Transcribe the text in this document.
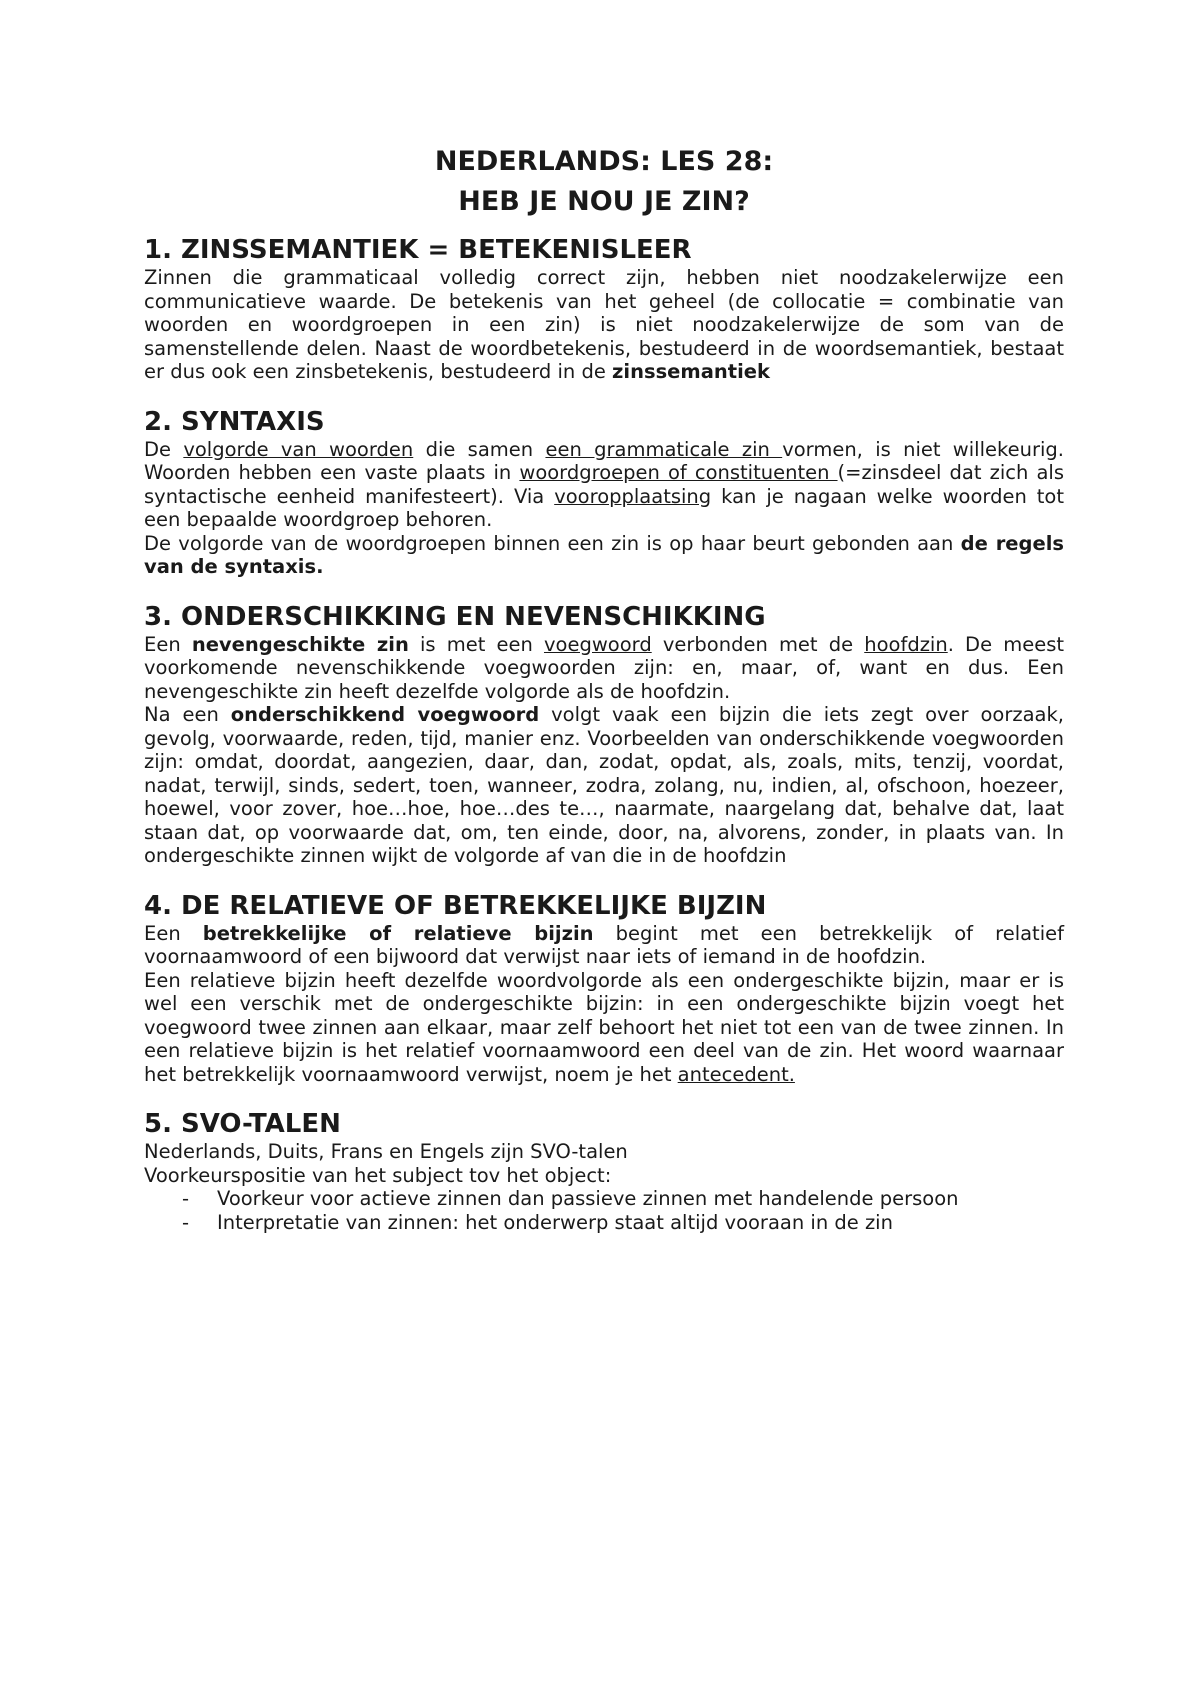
NEDERLANDS: LES 28:
HEB JE NOU JE ZIN?
1. ZINSSEMANTIEK = BETEKENISLEER

Zinnen die grammaticaal volledig correct zijn, hebben niet noodzakelerwijze een communicatieve waarde. De betekenis van het geheel (de collocatie = combinatie van woorden en woordgroepen in een zin) is niet noodzakelerwijze de som van de samenstellende delen. Naast de woordbetekenis, bestudeerd in de woordsemantiek, bestaat er dus ook een zinsbetekenis, bestudeerd in de zinssemantiek

2. SYNTAXIS

De volgorde van woorden die samen een grammaticale zin vormen, is niet willekeurig. Woorden hebben een vaste plaats in woordgroepen of constituenten (=zinsdeel dat zich als syntactische eenheid manifesteert). Via vooropplaatsing kan je nagaan welke woorden tot een bepaalde woordgroep behoren.

De volgorde van de woordgroepen binnen een zin is op haar beurt gebonden aan de regels van de syntaxis.

3. ONDERSCHIKKING EN NEVENSCHIKKING

Een nevengeschikte zin is met een voegwoord verbonden met de hoofdzin. De meest voorkomende nevenschikkende voegwoorden zijn: en, maar, of, want en dus. Een nevengeschikte zin heeft dezelfde volgorde als de hoofdzin.

Na een onderschikkend voegwoord volgt vaak een bijzin die iets zegt over oorzaak, gevolg, voorwaarde, reden, tijd, manier enz. Voorbeelden van onderschikkende voegwoorden zijn: omdat, doordat, aangezien, daar, dan, zodat, opdat, als, zoals, mits, tenzij, voordat, nadat, terwijl, sinds, sedert, toen, wanneer, zodra, zolang, nu, indien, al, ofschoon, hoezeer, hoewel, voor zover, hoe…hoe, hoe…des te…, naarmate, naargelang dat, behalve dat, laat staan dat, op voorwaarde dat, om, ten einde, door, na, alvorens, zonder, in plaats van. In ondergeschikte zinnen wijkt de volgorde af van die in de hoofdzin

4. DE RELATIEVE OF BETREKKELIJKE BIJZIN

Een betrekkelijke of relatieve bijzin begint met een betrekkelijk of relatief voornaamwoord of een bijwoord dat verwijst naar iets of iemand in de hoofdzin.

Een relatieve bijzin heeft dezelfde woordvolgorde als een ondergeschikte bijzin, maar er is wel een verschik met de ondergeschikte bijzin: in een ondergeschikte bijzin voegt het voegwoord twee zinnen aan elkaar, maar zelf behoort het niet tot een van de twee zinnen. In een relatieve bijzin is het relatief voornaamwoord een deel van de zin. Het woord waarnaar het betrekkelijk voornaamwoord verwijst, noem je het antecedent.

5. SVO-TALEN

Nederlands, Duits, Frans en Engels zijn SVO-talen

Voorkeurspositie van het subject tov het object:

- Voorkeur voor actieve zinnen dan passieve zinnen met handelende persoon
- Interpretatie van zinnen: het onderwerp staat altijd vooraan in de zin
